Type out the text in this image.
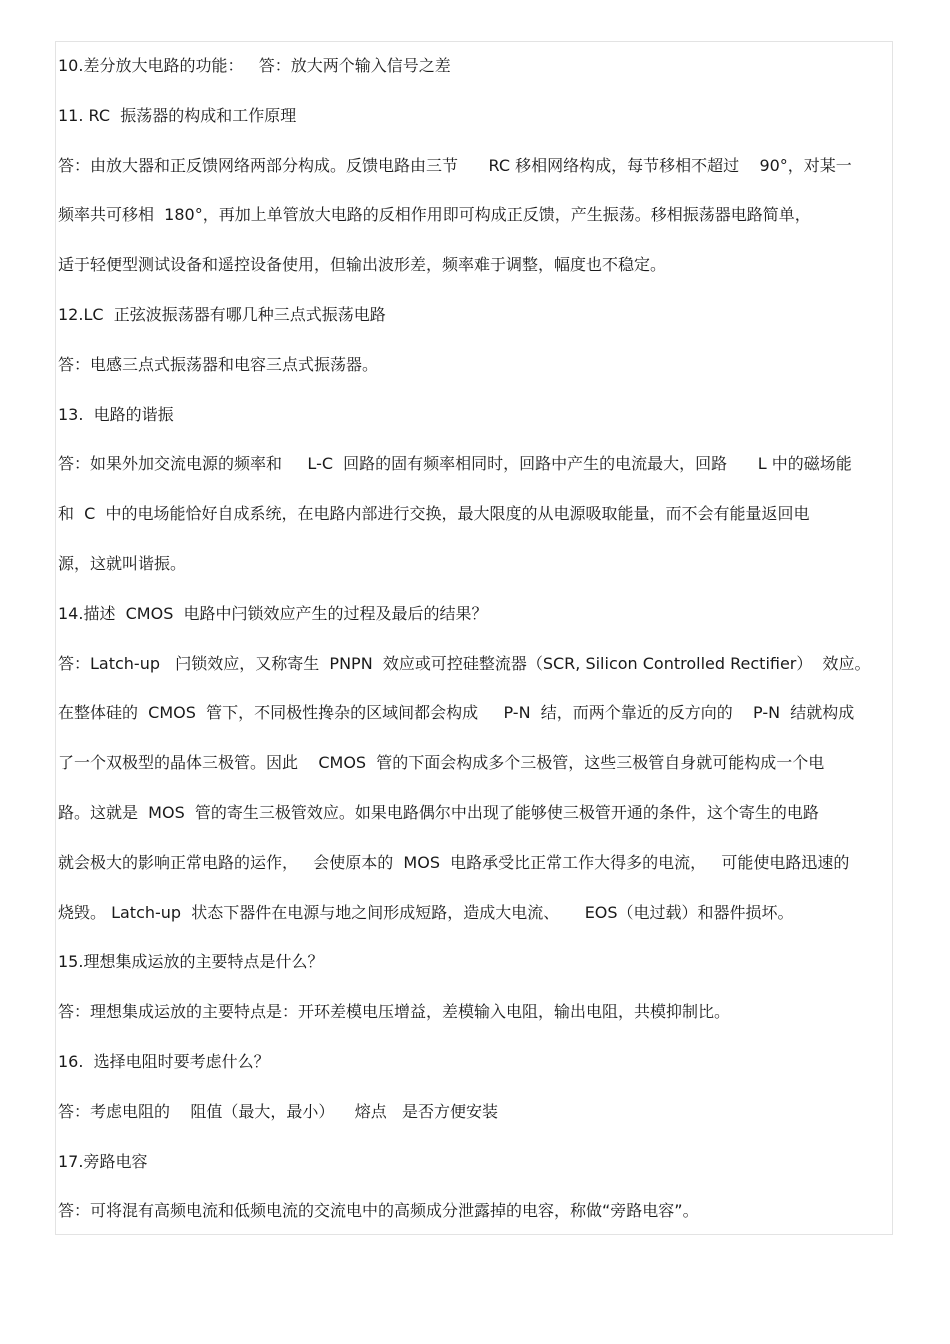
10.差分放大电路的功能：   答：放大两个输入信号之差
11. RC  振荡器的构成和工作原理
答：由放大器和正反馈网络两部分构成。反馈电路由三节      RC 移相网络构成，每节移相不超过    90°，对某一
频率共可移相  180°，再加上单管放大电路的反相作用即可构成正反馈，产生振荡。移相振荡器电路简单，
适于轻便型测试设备和遥控设备使用，但输出波形差，频率难于调整，幅度也不稳定。
12.LC  正弦波振荡器有哪几种三点式振荡电路
答：电感三点式振荡器和电容三点式振荡器。
13.  电路的谐振
答：如果外加交流电源的频率和     L-C  回路的固有频率相同时，回路中产生的电流最大，回路      L 中的磁场能
和  C  中的电场能恰好自成系统，在电路内部进行交换，最大限度的从电源吸取能量，而不会有能量返回电
源，这就叫谐振。
14.描述  CMOS  电路中闩锁效应产生的过程及最后的结果？
答：Latch-up   闩锁效应，又称寄生  PNPN  效应或可控硅整流器（SCR, Silicon Controlled Rectifier）  效应。
在整体硅的  CMOS  管下，不同极性搀杂的区域间都会构成     P-N  结，而两个靠近的反方向的    P-N  结就构成
了一个双极型的晶体三极管。因此    CMOS  管的下面会构成多个三极管，这些三极管自身就可能构成一个电
路。这就是  MOS  管的寄生三极管效应。如果电路偶尔中出现了能够使三极管开通的条件，这个寄生的电路
就会极大的影响正常电路的运作，   会使原本的  MOS  电路承受比正常工作大得多的电流，   可能使电路迅速的
烧毁。 Latch-up  状态下器件在电源与地之间形成短路，造成大电流、     EOS（电过载）和器件损坏。
15.理想集成运放的主要特点是什么？
答：理想集成运放的主要特点是：开环差模电压增益，差模输入电阻，输出电阻，共模抑制比。
16.  选择电阻时要考虑什么？
答：考虑电阻的    阻值（最大，最小）    熔点   是否方便安装
17.旁路电容
答：可将混有高频电流和低频电流的交流电中的高频成分泄露掉的电容，称做“旁路电容”。
